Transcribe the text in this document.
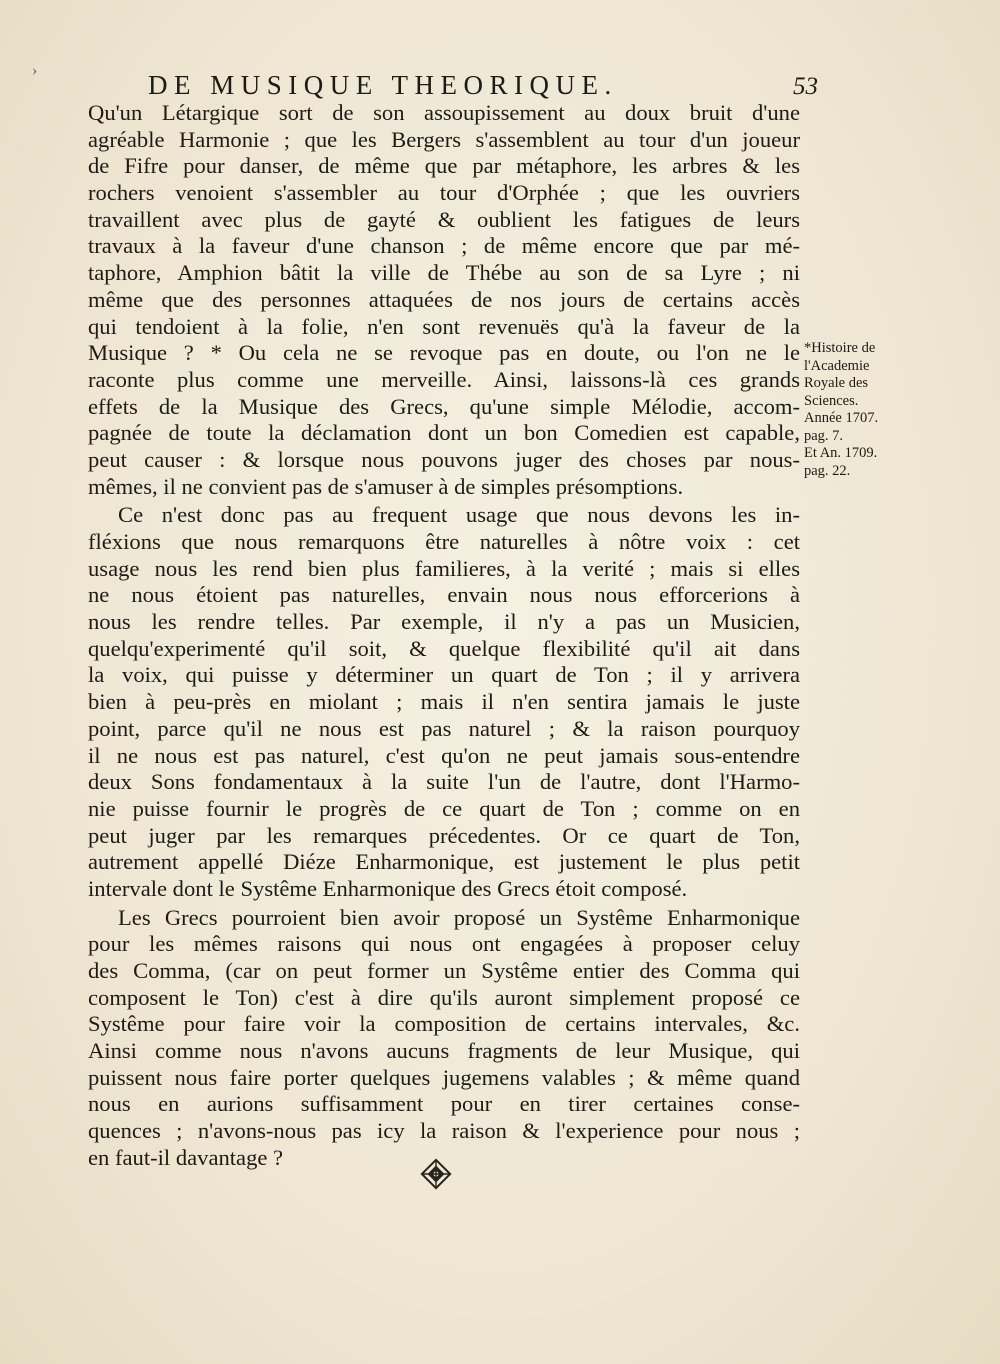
›	DE MUSIQUE THEORIQUE.	53
Qu'un Létargique sort de son assoupissement au doux bruit d'une
agréable Harmonie ; que les Bergers s'assemblent au tour d'un joueur
de Fifre pour danser, de même que par métaphore, les arbres & les
rochers venoient s'assembler au tour d'Orphée ; que les ouvriers
travaillent avec plus de gayté & oublient les fatigues de leurs
travaux à la faveur d'une chanson ; de même encore que par mé-
taphore, Amphion bâtit la ville de Thébe au son de sa Lyre ; ni
même que des personnes attaquées de nos jours de certains accès
qui tendoient à la folie, n'en sont revenuës qu'à la faveur de la
Musique ? * Ou cela ne se revoque pas en doute, ou l'on ne le
raconte plus comme une merveille. Ainsi, laissons-là ces grands
effets de la Musique des Grecs, qu'une simple Mélodie, accom-
pagnée de toute la déclamation dont un bon Comedien est capable,
peut causer : & lorsque nous pouvons juger des choses par nous-
mêmes, il ne convient pas de s'amuser à de simples présomptions.
Ce n'est donc pas au frequent usage que nous devons les in-
fléxions que nous remarquons être naturelles à nôtre voix : cet
usage nous les rend bien plus familieres, à la verité ; mais si elles
ne nous étoient pas naturelles, envain nous nous efforcerions à
nous les rendre telles. Par exemple, il n'y a pas un Musicien,
quelqu'experimenté qu'il soit, & quelque flexibilité qu'il ait dans
la voix, qui puisse y déterminer un quart de Ton ; il y arrivera
bien à peu-près en miolant ; mais il n'en sentira jamais le juste
point, parce qu'il ne nous est pas naturel ; & la raison pourquoy
il ne nous est pas naturel, c'est qu'on ne peut jamais sous-entendre
deux Sons fondamentaux à la suite l'un de l'autre, dont l'Harmo-
nie puisse fournir le progrès de ce quart de Ton ; comme on en
peut juger par les remarques précedentes. Or ce quart de Ton,
autrement appellé Diéze Enharmonique, est justement le plus petit
intervale dont le Systême Enharmonique des Grecs étoit composé.
Les Grecs pourroient bien avoir proposé un Systême Enharmonique
pour les mêmes raisons qui nous ont engagées à proposer celuy
des Comma, (car on peut former un Systême entier des Comma qui
composent le Ton) c'est à dire qu'ils auront simplement proposé ce
Systême pour faire voir la composition de certains intervales, &c.
Ainsi comme nous n'avons aucuns fragments de leur Musique, qui
puissent nous faire porter quelques jugemens valables ; & même quand
nous en aurions suffisamment pour en tirer certaines conse-
quences ; n'avons-nous pas icy la raison & l'experience pour nous ;
en faut-il davantage ?
*Histoire de
l'Academie
Royale des
Sciences.
Année 1707.
pag. 7.
Et An. 1709.
pag. 22.
